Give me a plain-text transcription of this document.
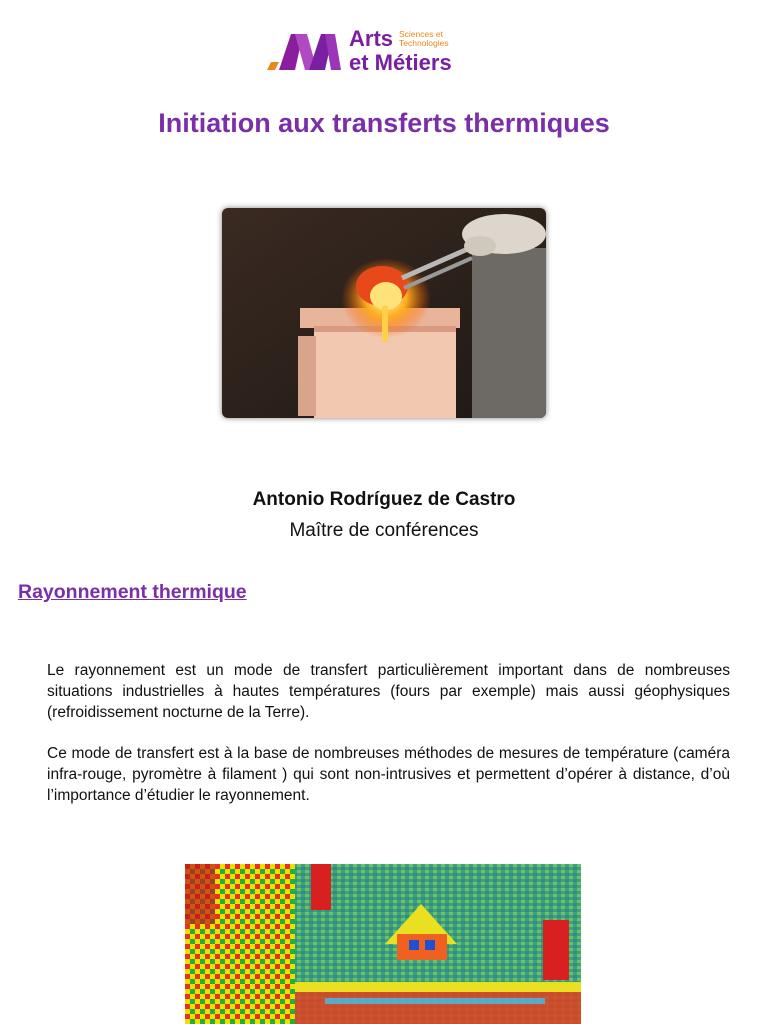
Arts Sciences et
Technologies
et Métiers
Initiation aux transferts thermiques
Antonio Rodríguez de Castro
Maître de conférences
Rayonnement thermique

Le rayonnement est un mode de transfert particulièrement important dans de nombreuses situations industrielles à hautes températures (fours par exemple) mais aussi géophysiques (refroidissement nocturne de la Terre).

Ce mode de transfert est à la base de nombreuses méthodes de mesures de température (caméra infra-rouge, pyromètre à filament ) qui sont non-intrusives et permettent d’opérer à distance, d’où l’importance d’étudier le rayonnement.
